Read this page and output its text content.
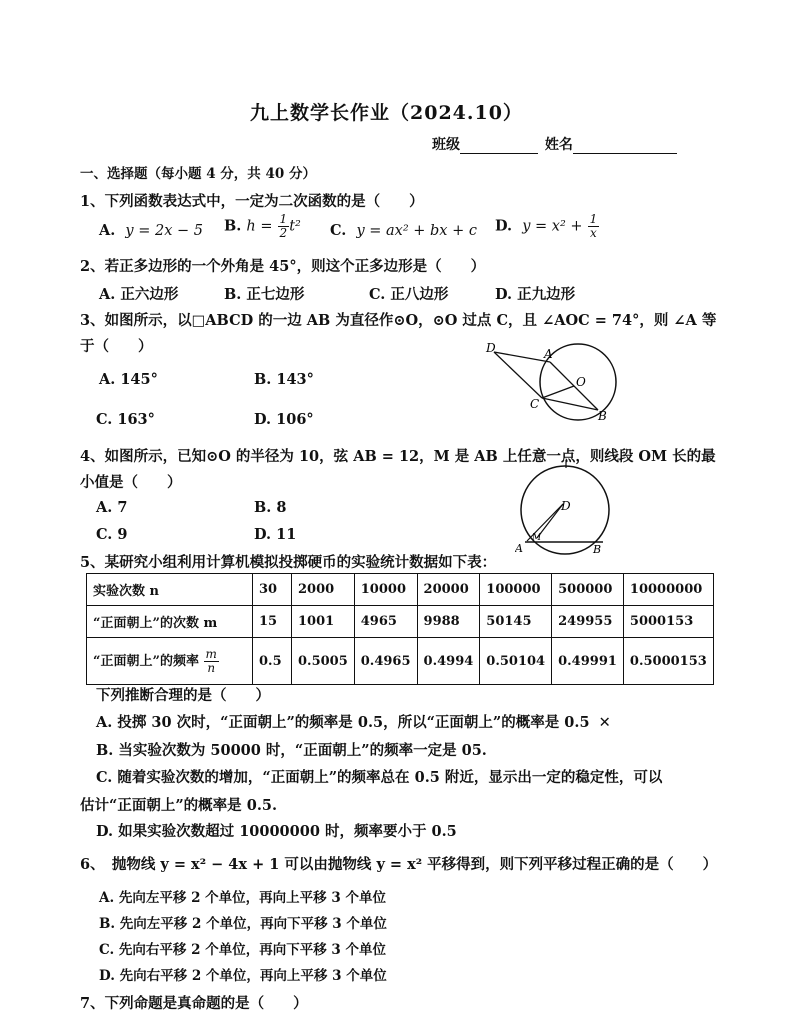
九上数学长作业（2024.10）
班级	姓名
一、选择题（每小题 4 分，共 40 分）
1、下列函数表达式中，一定为二次函数的是（　　）
A. y = 2x − 5 B. $h = \frac{1}{2} t^2$ C. y = ax² + bx + c D. $y = x^2 + \frac{1}{x}$
2、若正多边形的一个外角是 45°，则这个正多边形是（　　）
A. 正六边形	B. 正七边形	C. 正八边形	D. 正九边形
3、如图所示，以□ABCD 的一边 AB 为直径作⊙O，⊙O 过点 C，且 ∠AOC = 74°，则 ∠A 等
于（　　）
A. 145°	B. 143°
C. 163°	D. 106°
D	A
O
C
B
4、如图所示，已知⊙O 的半径为 10，弦 AB = 12，M 是 AB 上任意一点，则线段 OM 长的最
小值是（　　）
A. 7	B. 8
C. 9	D. 11
D
M
A	B
5、某研究小组利用计算机模拟投掷硬币的实验统计数据如下表：
实验次数 n	30	2000	10000	20000	100000	500000	10000000
“正面朝上”的次数 m	15	1001	4965	9988	50145	249955	5000153
“正面朝上”的频率 $\frac{m}{n}$	0.5	0.5005	0.4965	0.4994	0.50104	0.49991	0.5000153
下列推断合理的是（　　）
A. 投掷 30 次时，“正面朝上”的频率是 0.5，所以“正面朝上”的概率是 0.5 ✕
B. 当实验次数为 50000 时，“正面朝上”的频率一定是 05.
C. 随着实验次数的增加，“正面朝上”的频率总在 0.5 附近，显示出一定的稳定性，可以
估计“正面朝上”的概率是 0.5.
D. 如果实验次数超过 10000000 时，频率要小于 0.5
6、　抛物线 y = x² − 4x + 1 可以由抛物线 y = x² 平移得到，则下列平移过程正确的是（　　）
A. 先向左平移 2 个单位，再向上平移 3 个单位
B. 先向左平移 2 个单位，再向下平移 3 个单位
C. 先向右平移 2 个单位，再向下平移 3 个单位
D. 先向右平移 2 个单位，再向上平移 3 个单位
7、下列命题是真命题的是（　　）
